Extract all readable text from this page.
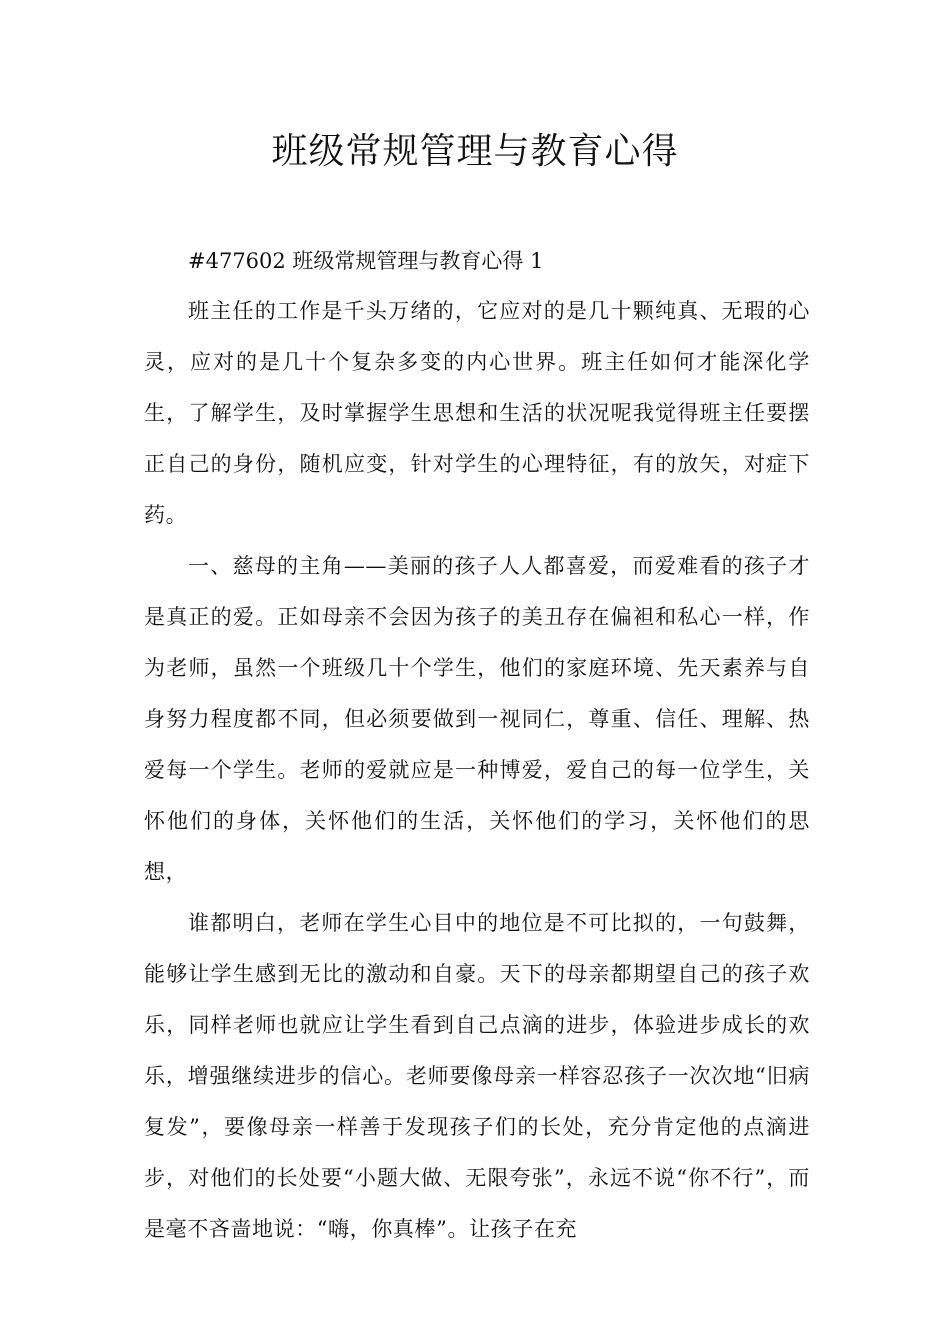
班级常规管理与教育心得

#477602 班级常规管理与教育心得 1

班主任的工作是千头万绪的，它应对的是几十颗纯真、无瑕的心灵，应对的是几十个复杂多变的内心世界。班主任如何才能深化学生，了解学生，及时掌握学生思想和生活的状况呢我觉得班主任要摆正自己的身份，随机应变，针对学生的心理特征，有的放矢，对症下药。

一、慈母的主角——美丽的孩子人人都喜爱，而爱难看的孩子才是真正的爱。正如母亲不会因为孩子的美丑存在偏袒和私心一样，作为老师，虽然一个班级几十个学生，他们的家庭环境、先天素养与自身努力程度都不同，但必须要做到一视同仁，尊重、信任、理解、热爱每一个学生。老师的爱就应是一种博爱，爱自己的每一位学生，关怀他们的身体，关怀他们的生活，关怀他们的学习，关怀他们的思想，

谁都明白，老师在学生心目中的地位是不可比拟的，一句鼓舞，能够让学生感到无比的激动和自豪。天下的母亲都期望自己的孩子欢乐，同样老师也就应让学生看到自己点滴的进步，体验进步成长的欢乐，增强继续进步的信心。老师要像母亲一样容忍孩子一次次地“旧病复发”，要像母亲一样善于发现孩子们的长处，充分肯定他的点滴进步，对他们的长处要“小题大做、无限夸张”，永远不说“你不行”，而是毫不吝啬地说：“嗨，你真棒”。让孩子在充
